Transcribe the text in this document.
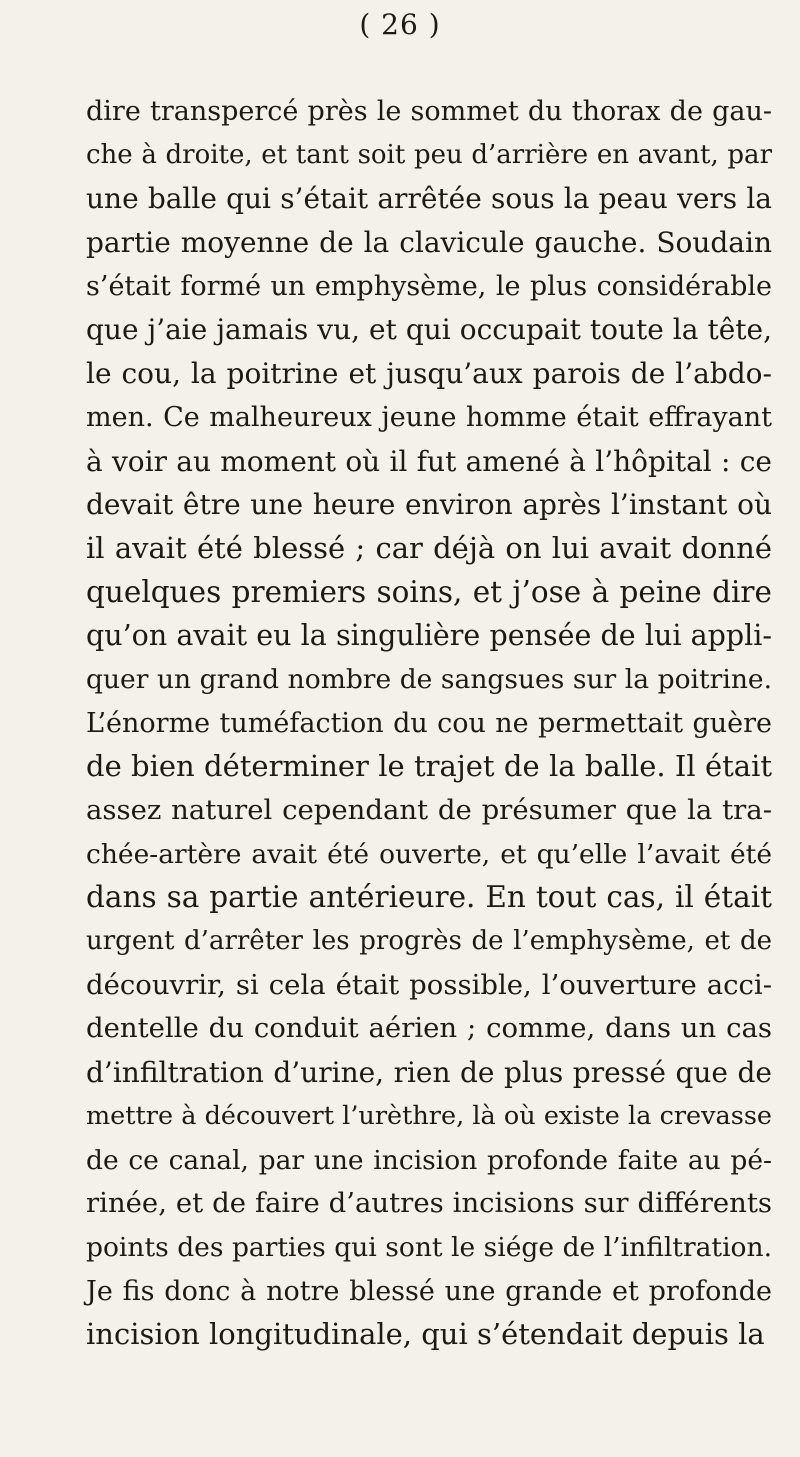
( 26 )
dire transpercé près le sommet du thorax de gau-
che à droite, et tant soit peu d’arrière en avant, par
une balle qui s’était arrêtée sous la peau vers la
partie moyenne de la clavicule gauche. Soudain
s’était formé un emphysème, le plus considérable
que j’aie jamais vu, et qui occupait toute la tête,
le cou, la poitrine et jusqu’aux parois de l’abdo-
men. Ce malheureux jeune homme était effrayant
à voir au moment où il fut amené à l’hôpital : ce
devait être une heure environ après l’instant où
il avait été blessé ; car déjà on lui avait donné
quelques premiers soins, et j’ose à peine dire
qu’on avait eu la singulière pensée de lui appli-
quer un grand nombre de sangsues sur la poitrine.
L’énorme tuméfaction du cou ne permettait guère
de bien déterminer le trajet de la balle. Il était
assez naturel cependant de présumer que la tra-
chée-artère avait été ouverte, et qu’elle l’avait été
dans sa partie antérieure. En tout cas, il était
urgent d’arrêter les progrès de l’emphysème, et de
découvrir, si cela était possible, l’ouverture acci-
dentelle du conduit aérien ; comme, dans un cas
d’infiltration d’urine, rien de plus pressé que de
mettre à découvert l’urèthre, là où existe la crevasse
de ce canal, par une incision profonde faite au pé-
rinée, et de faire d’autres incisions sur différents
points des parties qui sont le siége de l’infiltration.
Je fis donc à notre blessé une grande et profonde
incision longitudinale, qui s’étendait depuis la
